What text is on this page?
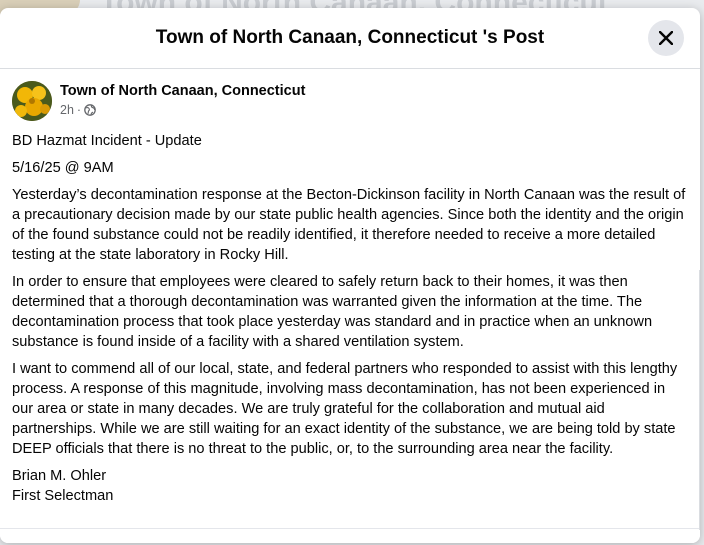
Town of North Canaan, Connecticut 's Post
Town of North Canaan, Connecticut
2h ·

BD Hazmat Incident - Update

5/16/25 @ 9AM

Yesterday’s decontamination response at the Becton-Dickinson facility in North Canaan was the result of a precautionary decision made by our state public health agencies. Since both the identity and the origin of the found substance could not be readily identified, it therefore needed to receive a more detailed testing at the state laboratory in Rocky Hill.

In order to ensure that employees were cleared to safely return back to their homes, it was then determined that a thorough decontamination was warranted given the information at the time. The decontamination process that took place yesterday was standard and in practice when an unknown substance is found inside of a facility with a shared ventilation system.

I want to commend all of our local, state, and federal partners who responded to assist with this lengthy process. A response of this magnitude, involving mass decontamination, has not been experienced in our area or state in many decades. We are truly grateful for the collaboration and mutual aid partnerships. While we are still waiting for an exact identity of the substance, we are being told by state DEEP officials that there is no threat to the public, or, to the surrounding area near the facility.

Brian M. Ohler
First Selectman
